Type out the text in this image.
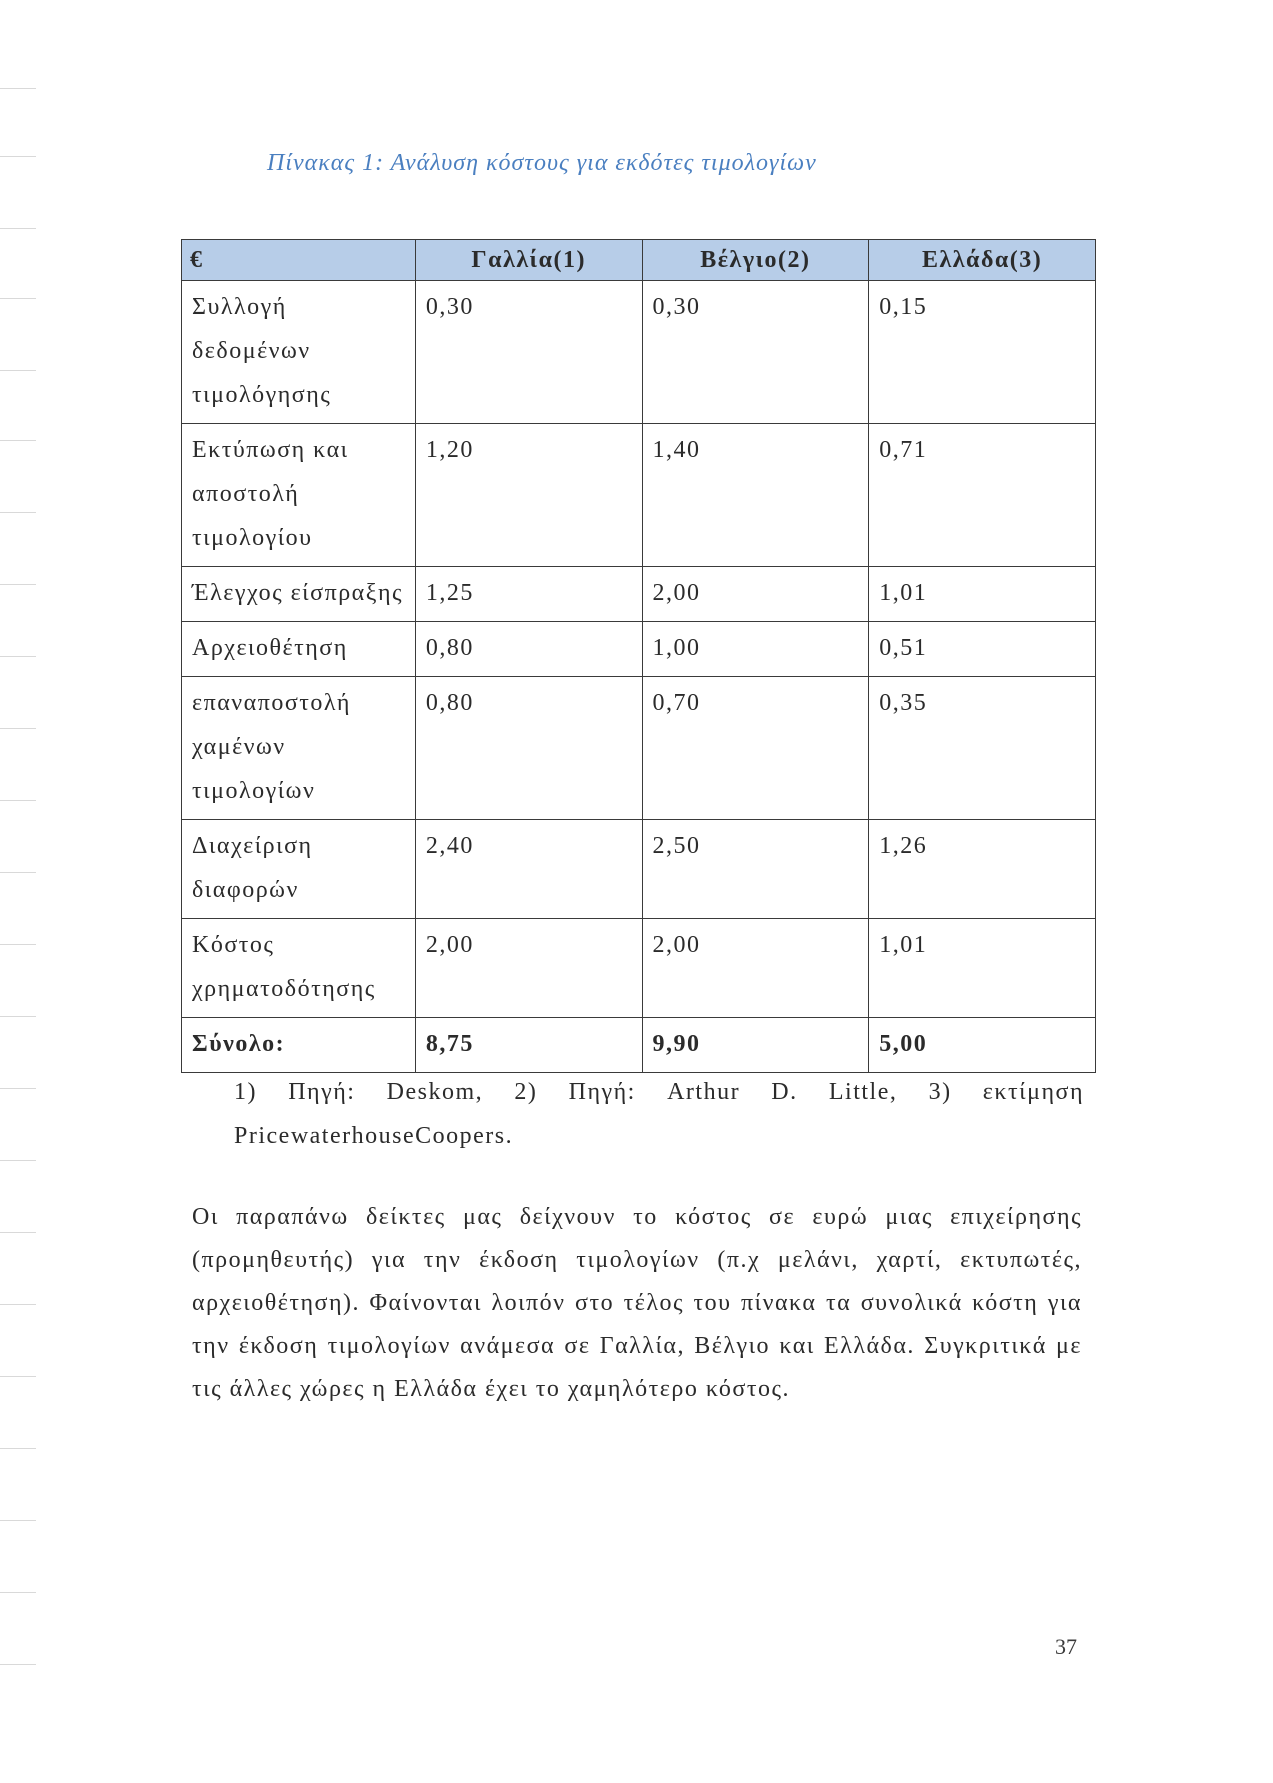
Πίνακας 1: Ανάλυση κόστους για εκδότες τιμολογίων
€	Γαλλία(1)	Βέλγιο(2)	Ελλάδα(3)
Συλλογή δεδομένων τιμολόγησης	0,30	0,30	0,15
Εκτύπωση και αποστολή τιμολογίου	1,20	1,40	0,71
Έλεγχος είσπραξης	1,25	2,00	1,01
Αρχειοθέτηση	0,80	1,00	0,51
επαναποστολή χαμένων τιμολογίων	0,80	0,70	0,35
Διαχείριση διαφορών	2,40	2,50	1,26
Κόστος χρηματοδότησης	2,00	2,00	1,01
Σύνολο:	8,75	9,90	5,00
1) Πηγή: Deskom, 2) Πηγή: Arthur D. Little, 3) εκτίμηση PricewaterhouseCoopers.
Οι παραπάνω δείκτες μας δείχνουν το κόστος σε ευρώ μιας επιχείρησης (προμηθευτής) για την έκδοση τιμολογίων (π.χ μελάνι, χαρτί, εκτυπωτές, αρχειοθέτηση). Φαίνονται λοιπόν στο τέλος του πίνακα τα συνολικά κόστη για την έκδοση τιμολογίων ανάμεσα σε Γαλλία, Βέλγιο και Ελλάδα. Συγκριτικά με τις άλλες χώρες η Ελλάδα έχει το χαμηλότερο κόστος.
37
